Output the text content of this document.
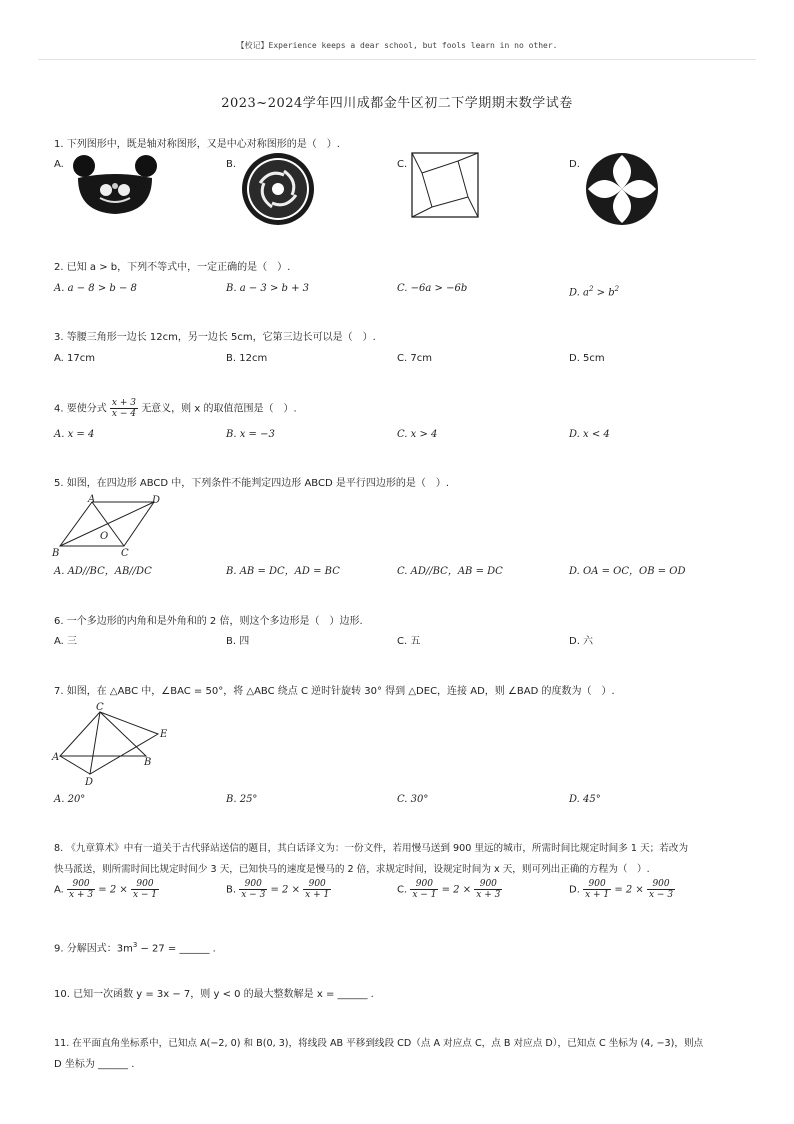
【校记】Experience keeps a dear school, but fools learn in no other.
2023~2024学年四川成都金牛区初二下学期期末数学试卷
1. 下列图形中，既是轴对称图形，又是中心对称图形的是（　）.
A.	B.	C.	D.
2. 已知 a > b，下列不等式中，一定正确的是（　）.
A. a − 8 > b − 8	B. a − 3 > b + 3	C. −6a > −6b	D. $a^2 > b^2$
3. 等腰三角形一边长 12cm，另一边长 5cm，它第三边长可以是（　）.
A. 17cm	B. 12cm	C. 7cm	D. 5cm
4. 要使分式 $\frac{x + 3}{x - 4}$ 无意义，则 x 的取值范围是（　）.
A. x = 4	B. x = −3	C. x > 4	D. x < 4
5. 如图，在四边形 ABCD 中，下列条件不能判定四边形 ABCD 是平行四边形的是（　）.
A	D
B	C
O
A. AD//BC，AB//DC	B. AB = DC，AD = BC	C. AD//BC，AB = DC	D. OA = OC，OB = OD
6. 一个多边形的内角和是外角和的 2 倍，则这个多边形是（　）边形.
A. 三	B. 四	C. 五	D. 六
7. 如图，在 △ABC 中，∠BAC = 50°，将 △ABC 绕点 C 逆时针旋转 30° 得到 △DEC，连接 AD，则 ∠BAD 的度数为（　）.
C
E
A	B
D
A. 20°	B. 25°	C. 30°	D. 45°
8. 《九章算术》中有一道关于古代驿站送信的题目，其白话译文为：一份文件，若用慢马送到 900 里远的城市，所需时间比规定时间多 1 天；若改为
快马派送，则所需时间比规定时间少 3 天，已知快马的速度是慢马的 2 倍，求规定时间，设规定时间为 x 天，则可列出正确的方程为（　）.
A. $\frac{900}{x + 3} = 2 \times \frac{900}{x - 1}$	B. $\frac{900}{x - 3} = 2 \times \frac{900}{x + 1}$	C. $\frac{900}{x - 1} = 2 \times \frac{900}{x + 3}$	D. $\frac{900}{x + 1} = 2 \times \frac{900}{x - 3}$
9. 分解因式：$3m^3 - 27$ = ______ .
10. 已知一次函数 y = 3x − 7，则 y < 0 的最大整数解是 x = ______ .
11. 在平面直角坐标系中，已知点 A(−2, 0) 和 B(0, 3)，将线段 AB 平移到线段 CD（点 A 对应点 C，点 B 对应点 D），已知点 C 坐标为 (4, −3)，则点
D 坐标为 ______ .
